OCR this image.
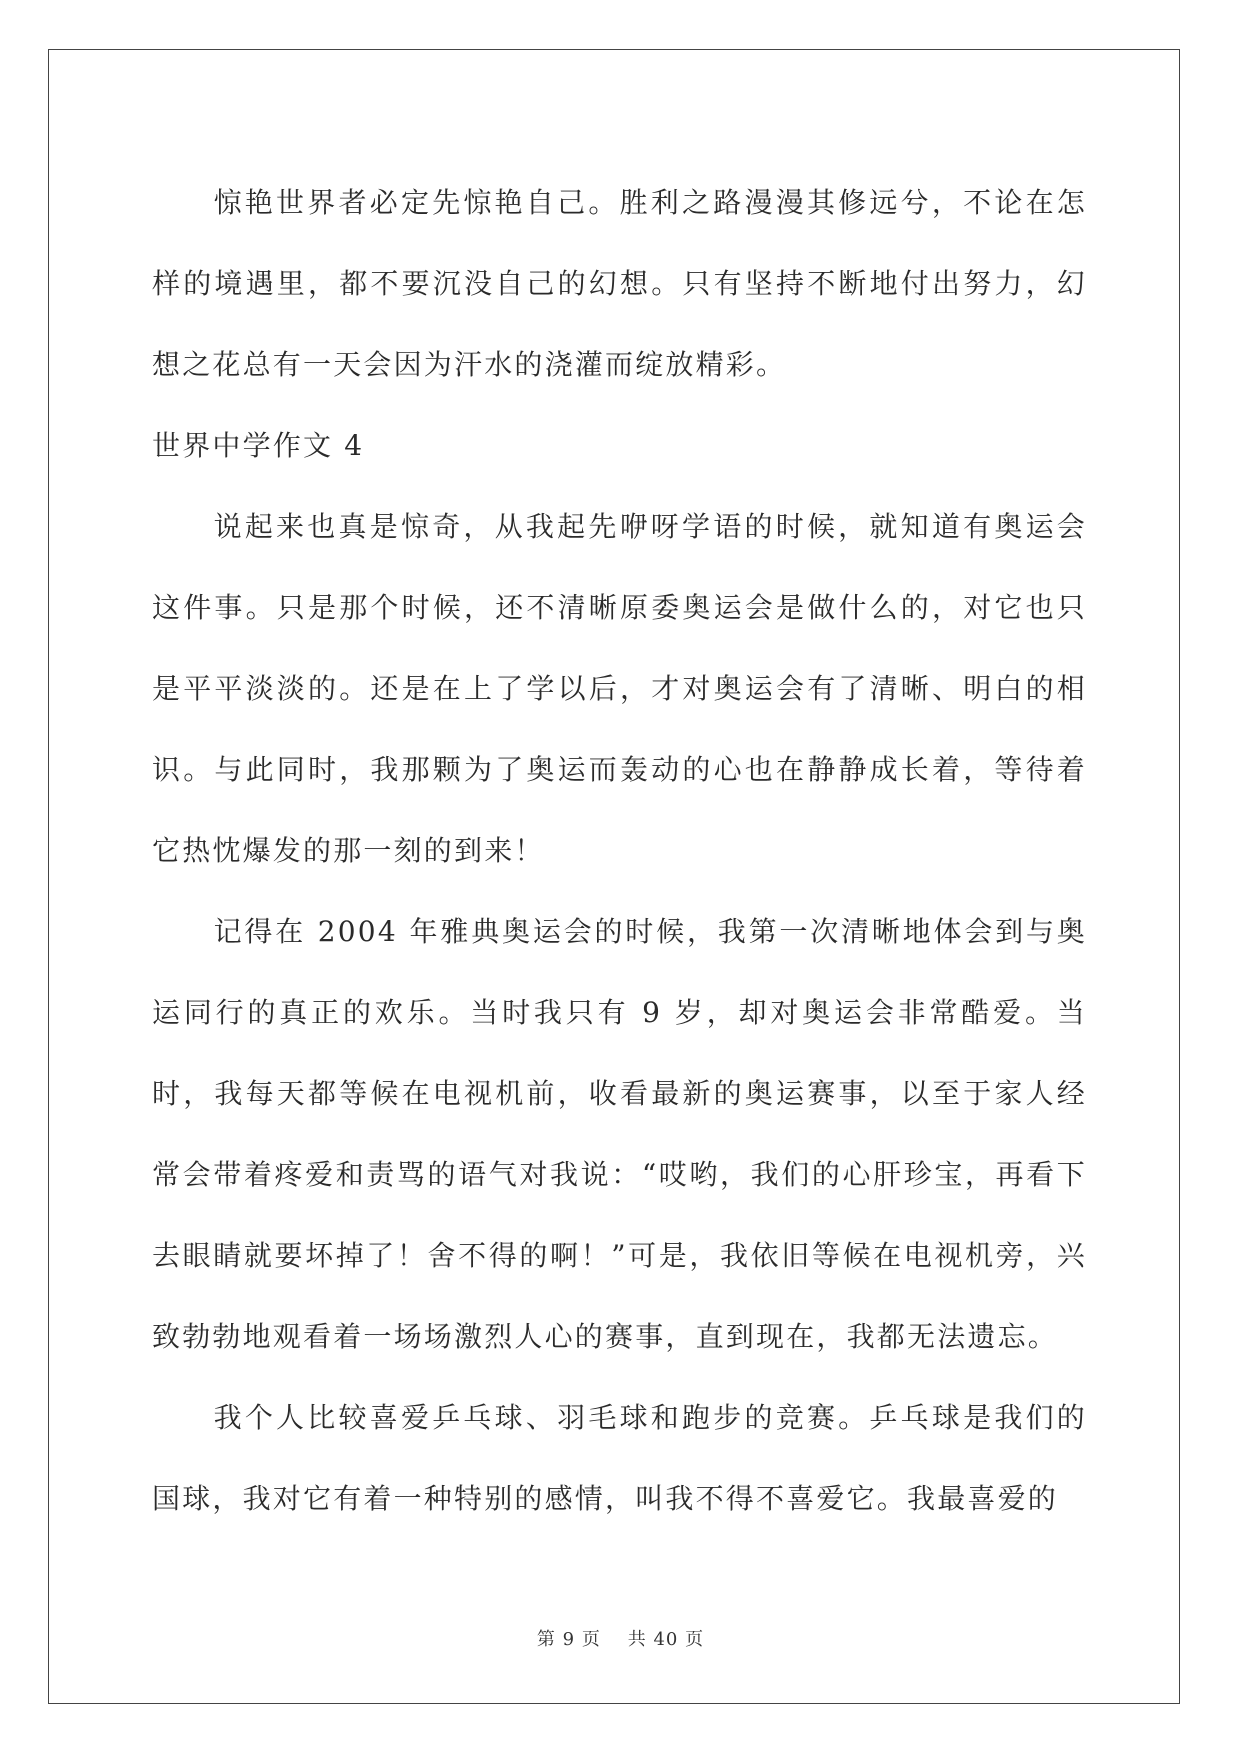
惊艳世界者必定先惊艳自己。胜利之路漫漫其修远兮，不论在怎样的境遇里，都不要沉没自己的幻想。只有坚持不断地付出努力，幻想之花总有一天会因为汗水的浇灌而绽放精彩。

世界中学作文 4

说起来也真是惊奇，从我起先咿呀学语的时候，就知道有奥运会这件事。只是那个时候，还不清晰原委奥运会是做什么的，对它也只是平平淡淡的。还是在上了学以后，才对奥运会有了清晰、明白的相识。与此同时，我那颗为了奥运而轰动的心也在静静成长着，等待着它热忱爆发的那一刻的到来！

记得在 2004 年雅典奥运会的时候，我第一次清晰地体会到与奥运同行的真正的欢乐。当时我只有 9 岁，却对奥运会非常酷爱。当时，我每天都等候在电视机前，收看最新的奥运赛事，以至于家人经常会带着疼爱和责骂的语气对我说：“哎哟，我们的心肝珍宝，再看下去眼睛就要坏掉了！舍不得的啊！”可是，我依旧等候在电视机旁，兴致勃勃地观看着一场场激烈人心的赛事，直到现在，我都无法遗忘。

我个人比较喜爱乒乓球、羽毛球和跑步的竞赛。乒乓球是我们的国球，我对它有着一种特别的感情，叫我不得不喜爱它。我最喜爱的

第 9 页 共 40 页
